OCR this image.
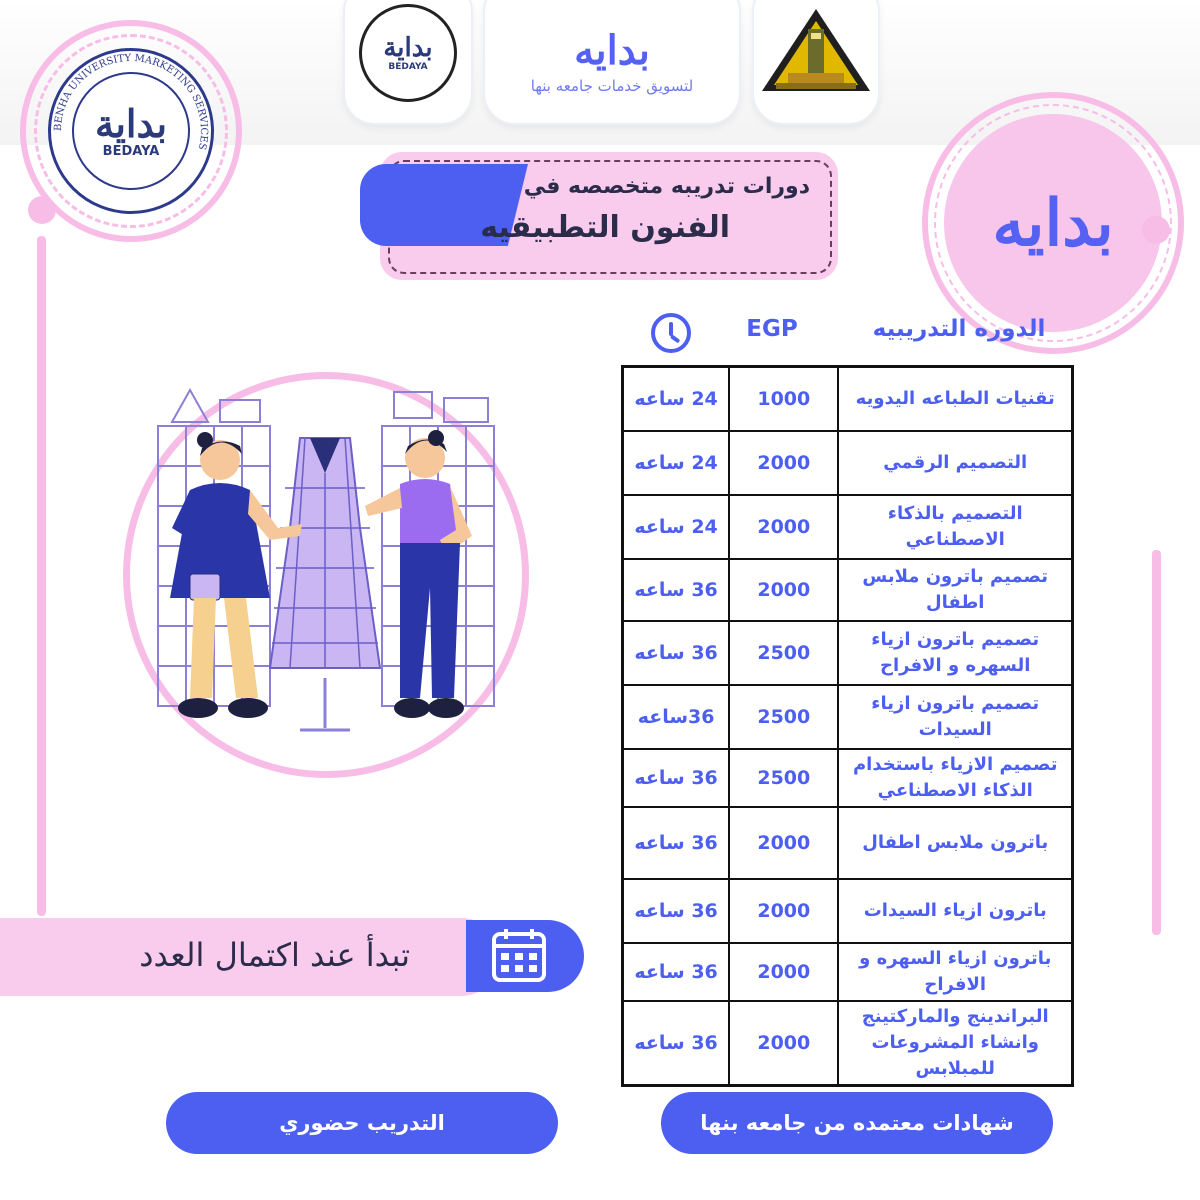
بداية
BEDAYA	بدايه
لتسويق خدمات جامعه بنها
بداية
BEDAYA
BENHA UNIVERSITY MARKETING SERVICES
بدايه
دورات تدريبه متخصصه في
الفنون التطبيقيه
الدوره التدريبيه
EGP
24 ساعه	1000	تقنيات الطباعه اليدويه
24 ساعه	2000	التصميم الرقمي
24 ساعه	2000	التصميم بالذكاء الاصطناعي
36 ساعه	2000	تصميم باترون ملابس اطفال
36 ساعه	2500	تصميم باترون ازياء السهره و الافراح
36ساعه	2500	تصميم باترون ازياء السيدات
36 ساعه	2500	تصميم الازياء باستخدام الذكاء الاصطناعي
36 ساعه	2000	باترون ملابس اطفال
36 ساعه	2000	باترون ازياء السيدات
36 ساعه	2000	باترون ازياء السهره و الافراح
36 ساعه	2000	البراندينج والماركتينج وانشاء المشروعات للمبلابس
تبدأ عند اكتمال العدد
التدريب حضوري	شهادات معتمده من جامعه بنها
